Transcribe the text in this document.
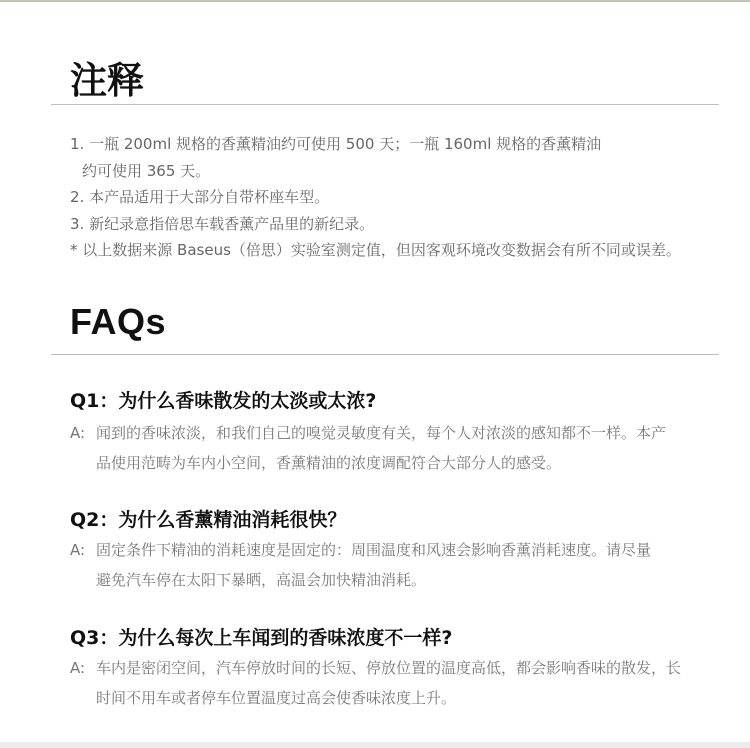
注释
1. 一瓶 200ml 规格的香薰精油约可使用 500 天；一瓶 160ml 规格的香薰精油
约可使用 365 天。
2. 本产品适用于大部分自带杯座车型。
3. 新纪录意指倍思车载香薰产品里的新纪录。
* 以上数据来源 Baseus（倍思）实验室测定值，但因客观环境改变数据会有所不同或误差。
FAQs
Q1：为什么香味散发的太淡或太浓?
A: 闻到的香味浓淡，和我们自己的嗅觉灵敏度有关，每个人对浓淡的感知都不一样。本产
品使用范畴为车内小空间，香薰精油的浓度调配符合大部分人的感受。
Q2：为什么香薰精油消耗很快？
A: 固定条件下精油的消耗速度是固定的：周围温度和风速会影响香薰消耗速度。请尽量
避免汽车停在太阳下暴晒，高温会加快精油消耗。
Q3：为什么每次上车闻到的香味浓度不一样?
A: 车内是密闭空间，汽车停放时间的长短、停放位置的温度高低，都会影响香味的散发，长
时间不用车或者停车位置温度过高会使香味浓度上升。
